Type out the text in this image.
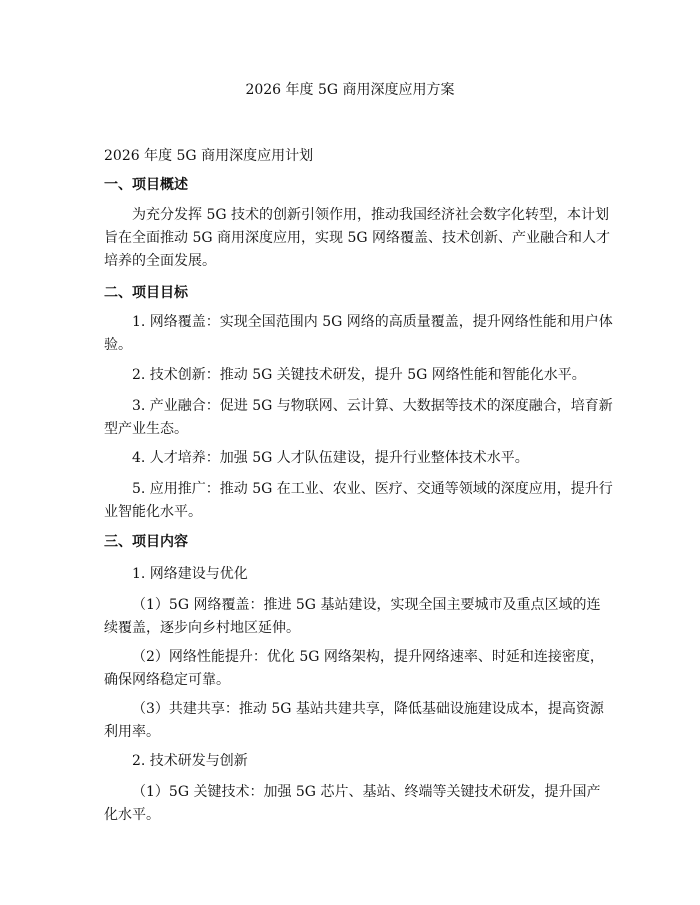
2026 年度 5G 商用深度应用方案

2026 年度 5G 商用深度应用计划

一、项目概述

为充分发挥 5G 技术的创新引领作用，推动我国经济社会数字化转型，本计划旨在全面推动 5G 商用深度应用，实现 5G 网络覆盖、技术创新、产业融合和人才培养的全面发展。

二、项目目标

1. 网络覆盖：实现全国范围内 5G 网络的高质量覆盖，提升网络性能和用户体验。

2. 技术创新：推动 5G 关键技术研发，提升 5G 网络性能和智能化水平。

3. 产业融合：促进 5G 与物联网、云计算、大数据等技术的深度融合，培育新型产业生态。

4. 人才培养：加强 5G 人才队伍建设，提升行业整体技术水平。

5. 应用推广：推动 5G 在工业、农业、医疗、交通等领域的深度应用，提升行业智能化水平。

三、项目内容

1. 网络建设与优化

（1）5G 网络覆盖：推进 5G 基站建设，实现全国主要城市及重点区域的连续覆盖，逐步向乡村地区延伸。

（2）网络性能提升：优化 5G 网络架构，提升网络速率、时延和连接密度，确保网络稳定可靠。

（3）共建共享：推动 5G 基站共建共享，降低基础设施建设成本，提高资源利用率。

2. 技术研发与创新

（1）5G 关键技术：加强 5G 芯片、基站、终端等关键技术研发，提升国产化水平。
